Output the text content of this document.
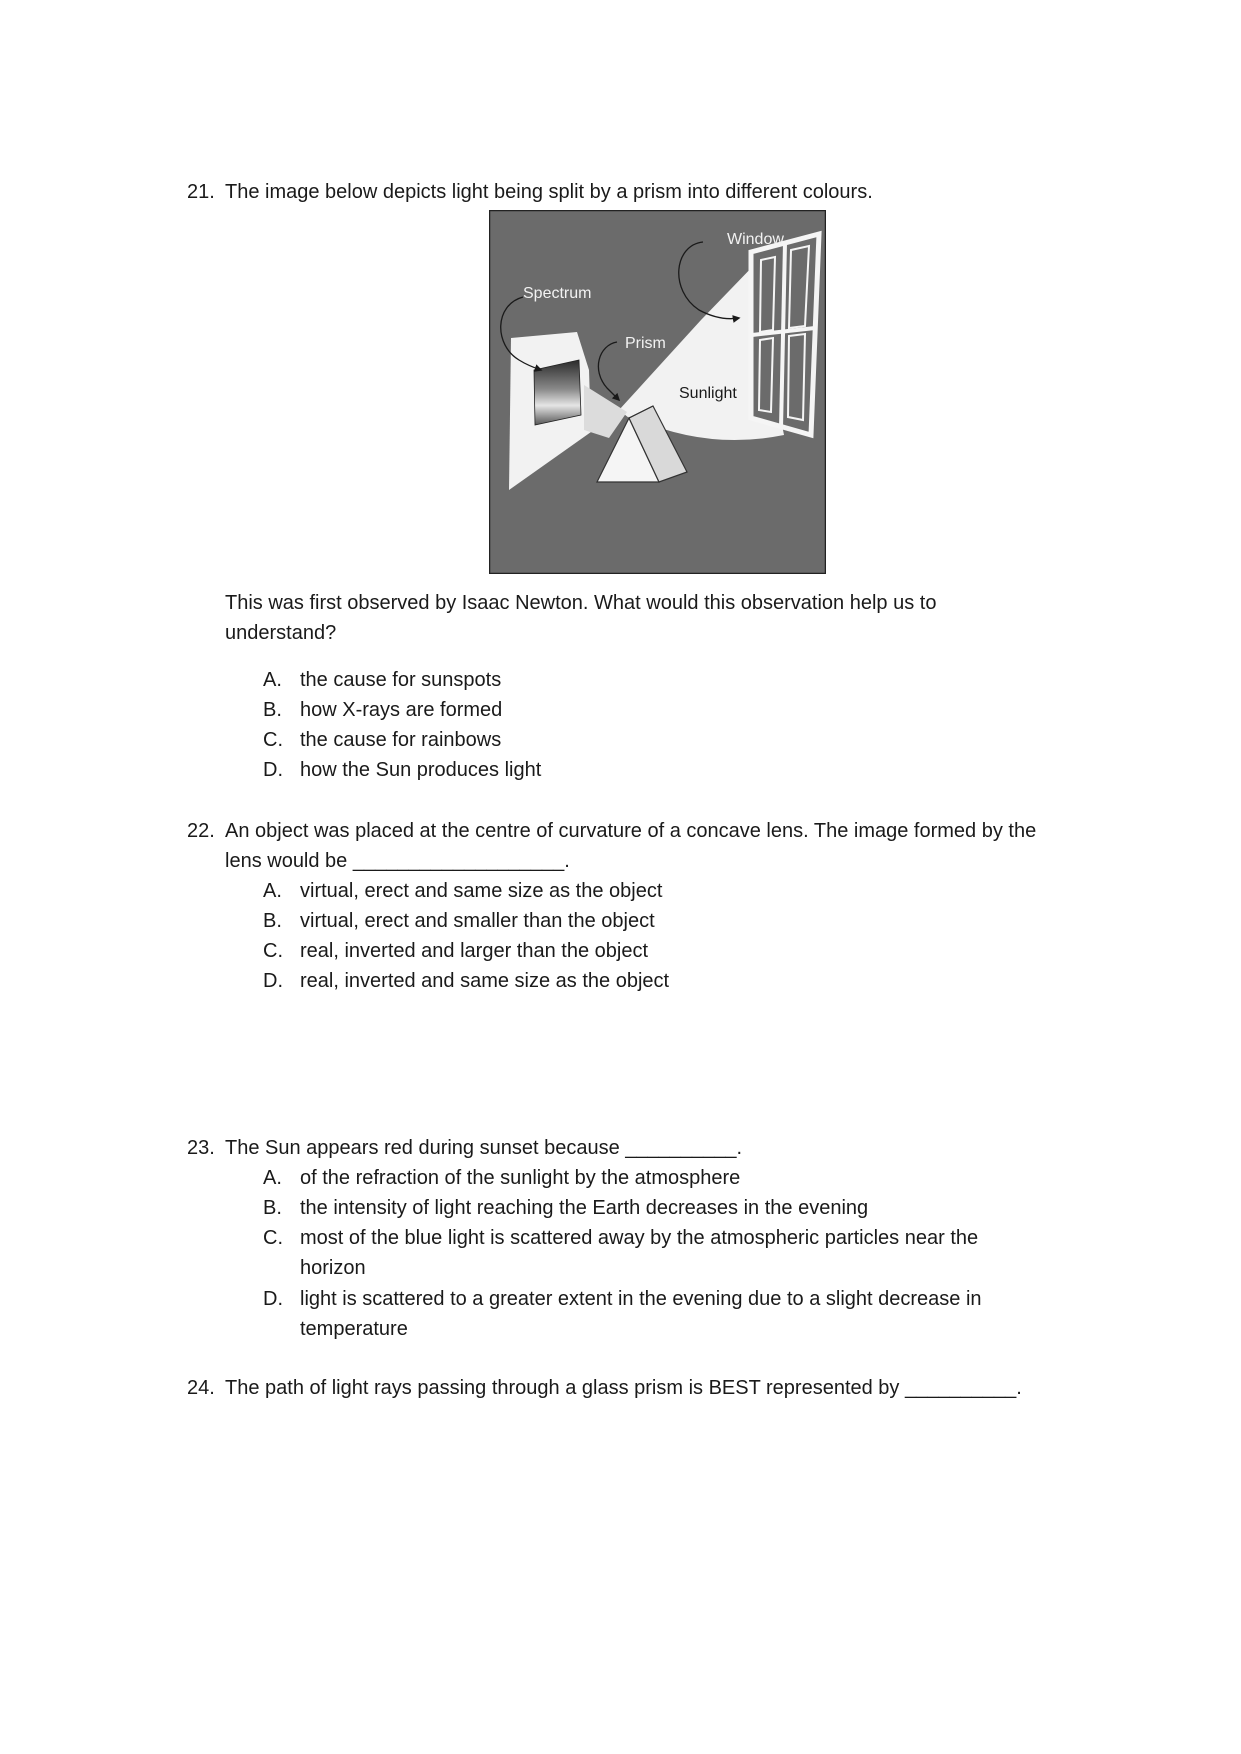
21. The image below depicts light being split by a prism into different colours.
Window
Spectrum
Prism
Sunlight
This was first observed by Isaac Newton. What would this observation help us to
understand?
A. the cause for sunspots
B. how X-rays are formed
C. the cause for rainbows
D. how the Sun produces light
22. An object was placed at the centre of curvature of a concave lens. The image formed by the
lens would be ___________________.
A. virtual, erect and same size as the object
B. virtual, erect and smaller than the object
C. real, inverted and larger than the object
D. real, inverted and same size as the object
23. The Sun appears red during sunset because __________.
A. of the refraction of the sunlight by the atmosphere
B. the intensity of light reaching the Earth decreases in the evening
C. most of the blue light is scattered away by the atmospheric particles near the
horizon
D. light is scattered to a greater extent in the evening due to a slight decrease in
temperature
24. The path of light rays passing through a glass prism is BEST represented by __________.
